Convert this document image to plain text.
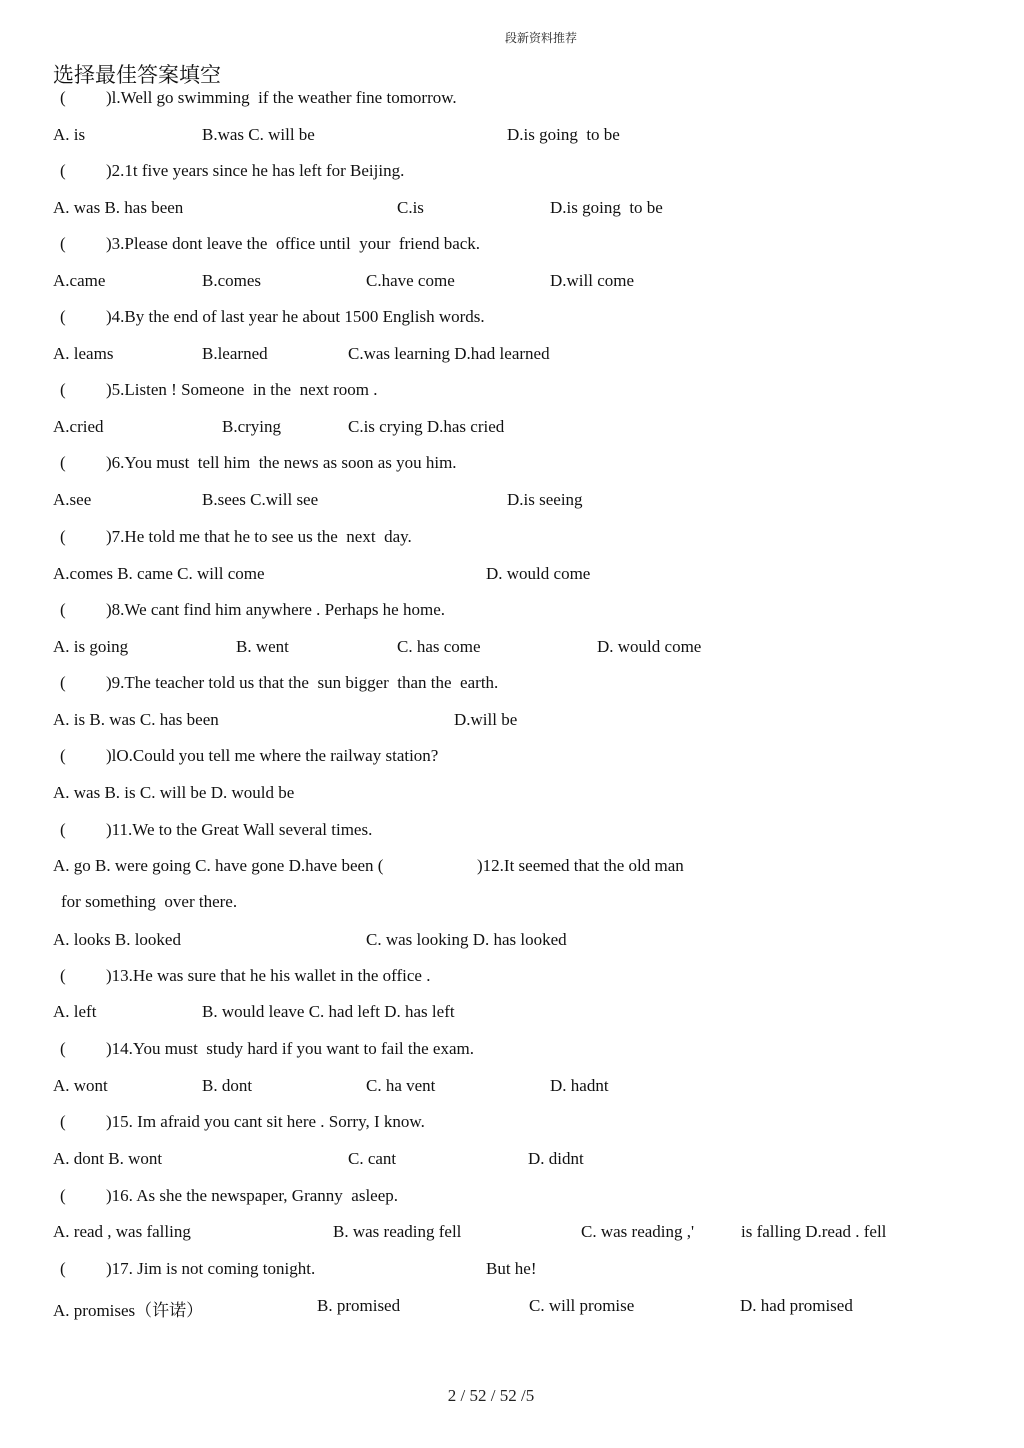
段新资料推荐
选择最佳答案填空
( )l.Well go swimming  if the weather fine tomorrow.
A. is	B.was C. will be	D.is going  to be
( )2.1t five years since he has left for Beijing.
A. was B. has been	C.is	D.is going  to be
( )3.Please dont leave the  office until  your  friend back.
A.came	B.comes	C.have come	D.will come
( )4.By the end of last year he about 1500 English words.
A. leams	B.learned	C.was learning D.had learned
( )5.Listen ! Someone  in the  next room .
A.cried	B.crying	C.is crying D.has cried
( )6.You must  tell him  the news as soon as you him.
A.see	B.sees C.will see	D.is seeing
( )7.He told me that he to see us the  next  day.
A.comes B. came C. will come	D. would come
( )8.We cant find him anywhere . Perhaps he home.
A. is going	B. went	C. has come	D. would come
( )9.The teacher told us that the  sun bigger  than the  earth.
A. is B. was C. has been	D.will be
( )lO.Could you tell me where the railway station?
A. was B. is C. will be D. would be
( )11.We to the Great Wall several times.
A. go B. were going C. have gone D.have been (	)12.It seemed that the old man
for something  over there.
A. looks B. looked	C. was looking D. has looked
( )13.He was sure that he his wallet in the office .
A. left	B. would leave C. had left D. has left
( )14.You must  study hard if you want to fail the exam.
A. wont	B. dont	C. ha vent	D. hadnt
( )15. Im afraid you cant sit here . Sorry, I know.
A. dont B. wont	C. cant	D. didnt
( )16. As she the newspaper, Granny  asleep.
A. read , was falling	B. was reading fell	C. was reading ,'	is falling D.read . fell
( )17. Jim is not coming tonight.	But he!
A. promises（许诺）	B. promised	C. will promise	D. had promised
2 / 52 / 52 /5
